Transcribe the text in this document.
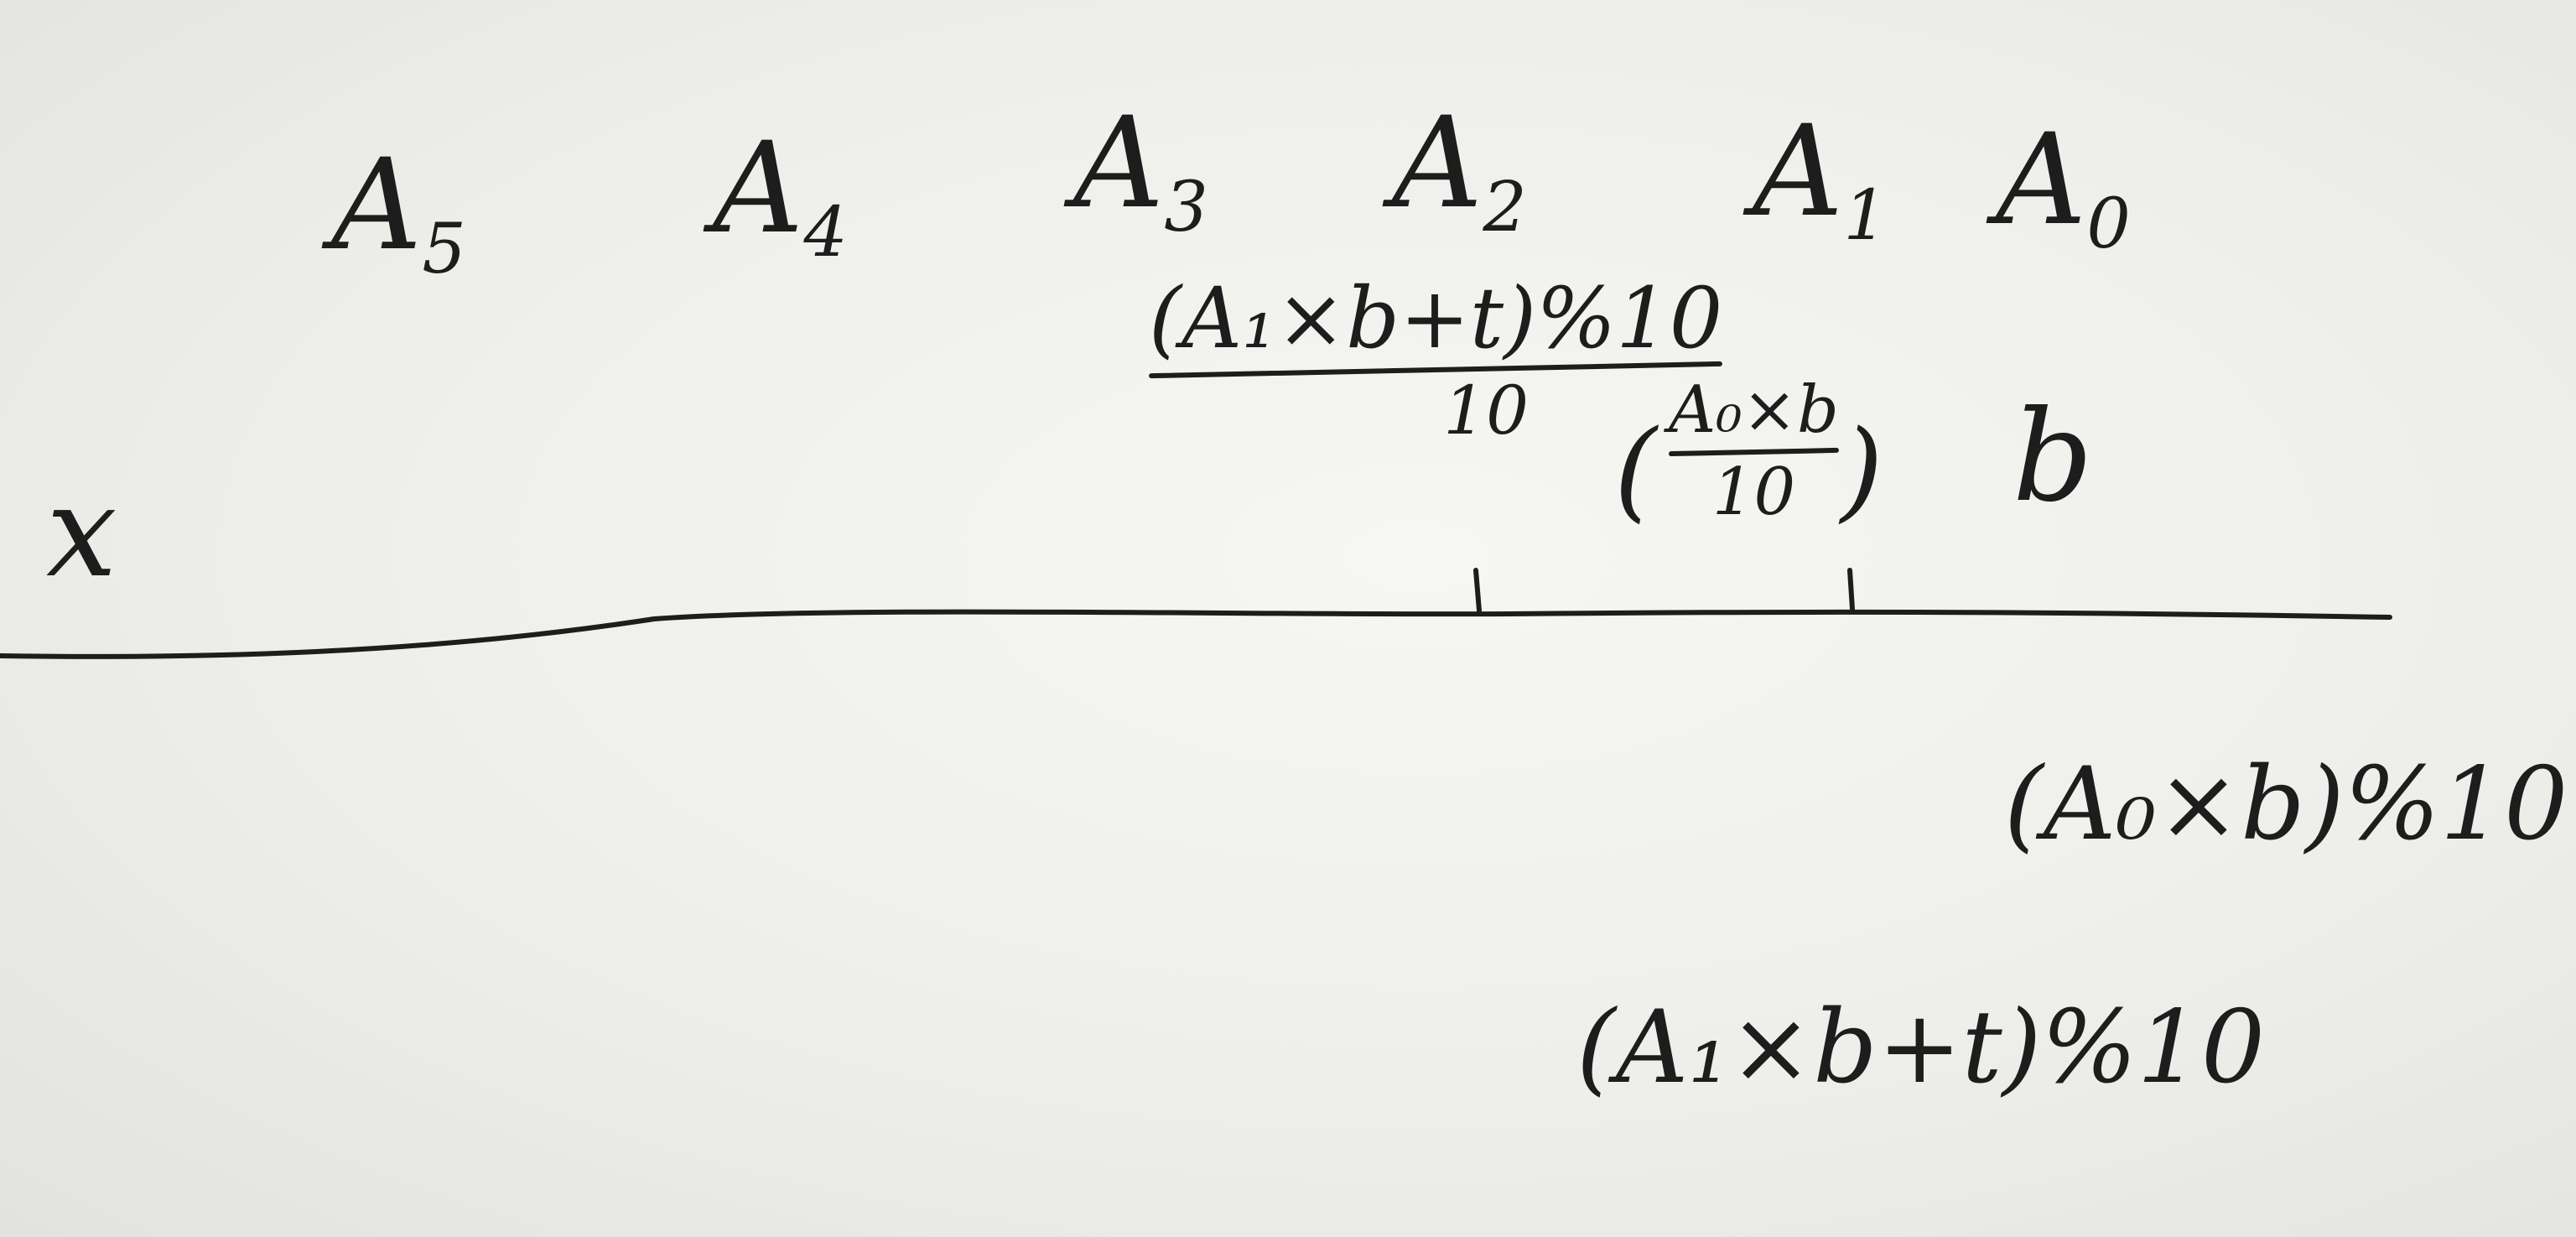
$A_5$ $A_4$ $A_3$ $A_2$ $A_1$ $A_0$
x
b
(A₁×b+t)%10
10 ( A₀×b
10 )
(A₀×b)%10
(A₁×b+t)%10
